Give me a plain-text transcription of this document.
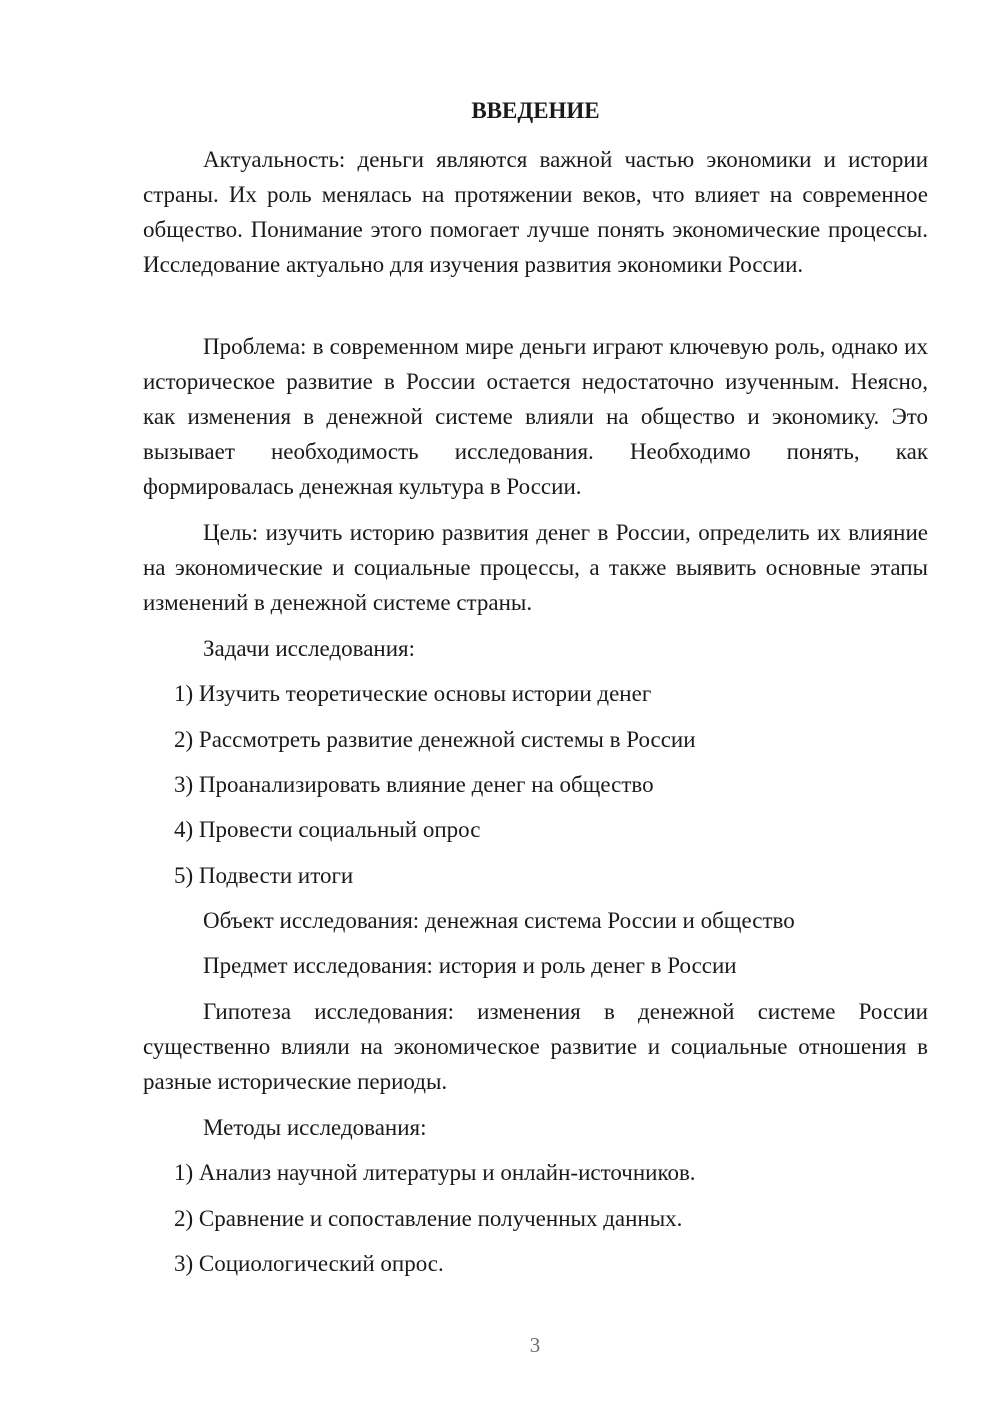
ВВЕДЕНИЕ

Актуальность: деньги являются важной частью экономики и истории страны. Их роль менялась на протяжении веков, что влияет на современное общество. Понимание этого помогает лучше понять экономические процессы. Исследование актуально для изучения развития экономики России.

Проблема: в современном мире деньги играют ключевую роль, однако их историческое развитие в России остается недостаточно изученным. Неясно, как изменения в денежной системе влияли на общество и экономику. Это вызывает необходимость исследования. Необходимо понять, как формировалась денежная культура в России.

Цель: изучить историю развития денег в России, определить их влияние на экономические и социальные процессы, а также выявить основные этапы изменений в денежной системе страны.

Задачи исследования:

1) Изучить теоретические основы истории денег

2) Рассмотреть развитие денежной системы в России

3) Проанализировать влияние денег на общество

4) Провести социальный опрос

5) Подвести итоги

Объект исследования: денежная система России и общество

Предмет исследования: история и роль денег в России

Гипотеза исследования: изменения в денежной системе России существенно влияли на экономическое развитие и социальные отношения в разные исторические периоды.

Методы исследования:

1) Анализ научной литературы и онлайн-источников.

2) Сравнение и сопоставление полученных данных.

3) Социологический опрос.

3
